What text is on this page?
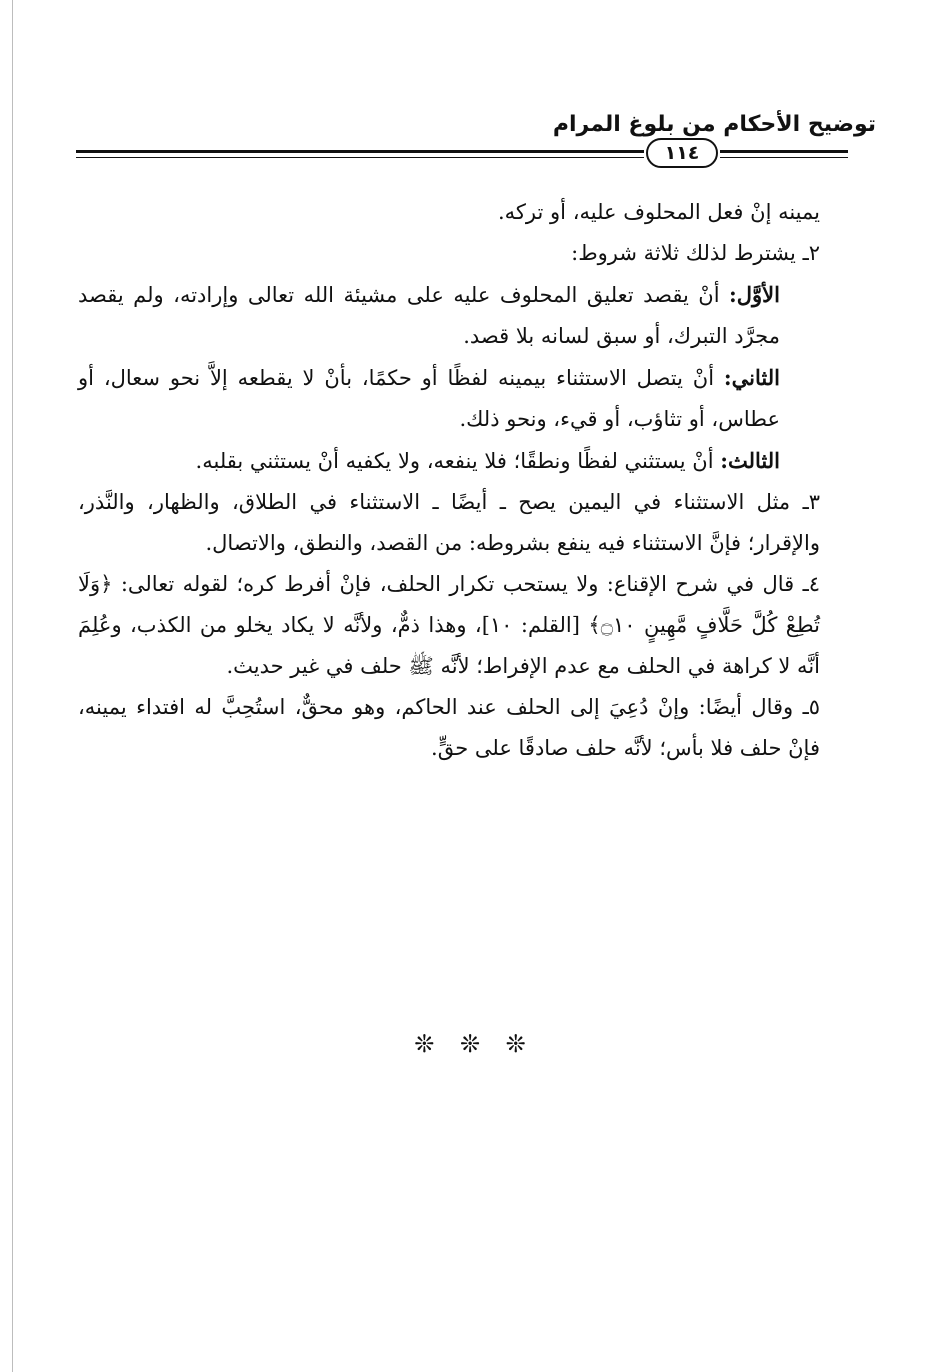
توضيح الأحكام من بلوغ المرام
١١٤

يمينه إنْ فعل المحلوف عليه، أو تركه.

٢ـ يشترط لذلك ثلاثة شروط:

الأوَّل: أنْ يقصد تعليق المحلوف عليه على مشيئة الله تعالى وإرادته، ولم يقصد مجرَّد التبرك، أو سبق لسانه بلا قصد.

الثاني: أنْ يتصل الاستثناء بيمينه لفظًا أو حكمًا، بأنْ لا يقطعه إلاَّ نحو سعال، أو عطاس، أو تثاؤب، أو قيء، ونحو ذلك.

الثالث: أنْ يستثني لفظًا ونطقًا؛ فلا ينفعه، ولا يكفيه أنْ يستثني بقلبه.

٣ـ مثل الاستثناء في اليمين يصح ـ أيضًا ـ الاستثناء في الطلاق، والظهار، والنَّذر، والإقرار؛ فإنَّ الاستثناء فيه ينفع بشروطه: من القصد، والنطق، والاتصال.

٤ـ قال في شرح الإقناع: ولا يستحب تكرار الحلف، فإنْ أفرط كره؛ لقوله تعالى: ﴿وَلَا تُطِعْ كُلَّ حَلَّافٍ مَّهِينٍ ۝١٠﴾ [القلم: ١٠]، وهذا ذمٌّ، ولأنَّه لا يكاد يخلو من الكذب، وعُلِمَ أنَّه لا كراهة في الحلف مع عدم الإفراط؛ لأنَّه ﷺ حلف في غير حديث.

٥ـ وقال أيضًا: وإنْ دُعِيَ إلى الحلف عند الحاكم، وهو محقٌّ، استُحِبَّ له افتداء يمينه، فإنْ حلف فلا بأس؛ لأنَّه حلف صادقًا على حقٍّ.

❊ ❊ ❊
